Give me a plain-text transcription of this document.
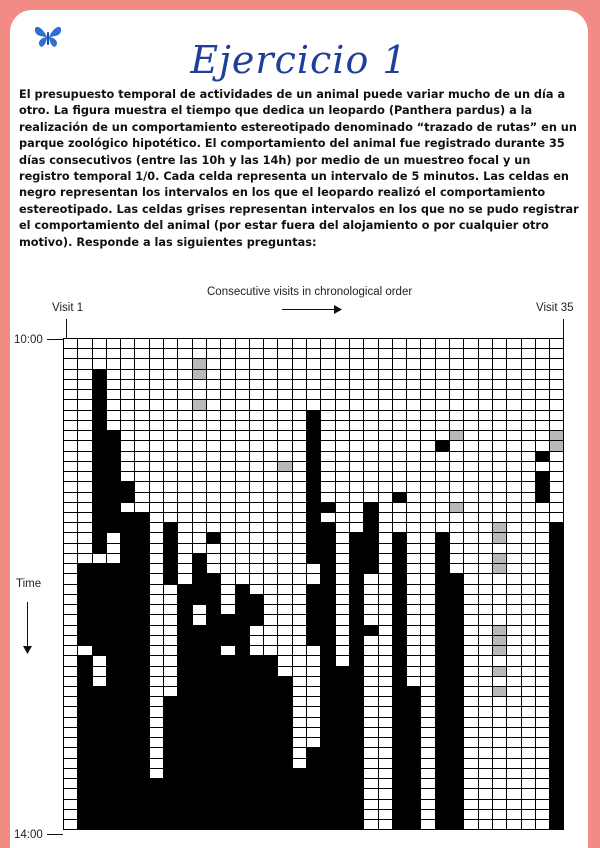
Ejercicio 1
El presupuesto temporal de actividades de un animal puede variar mucho de un día a otro. La figura muestra el tiempo que dedica un leopardo (Panthera pardus) a la realización de un comportamiento estereotipado denominado “trazado de rutas” en un parque zoológico hipotético. El comportamiento del animal fue registrado durante 35 días consecutivos (entre las 10h y las 14h) por medio de un muestreo focal y un registro temporal 1/0. Cada celda representa un intervalo de 5 minutos. Las celdas en negro representan los intervalos en los que el leopardo realizó el comportamiento estereotipado. Las celdas grises representan intervalos en los que no se pudo registrar el comportamiento del animal (por estar fuera del alojamiento o por cualquier otro motivo). Responde a las siguientes preguntas:
Consecutive visits in chronological order
Visit 1	Visit 35
10:00
14:00
Time
